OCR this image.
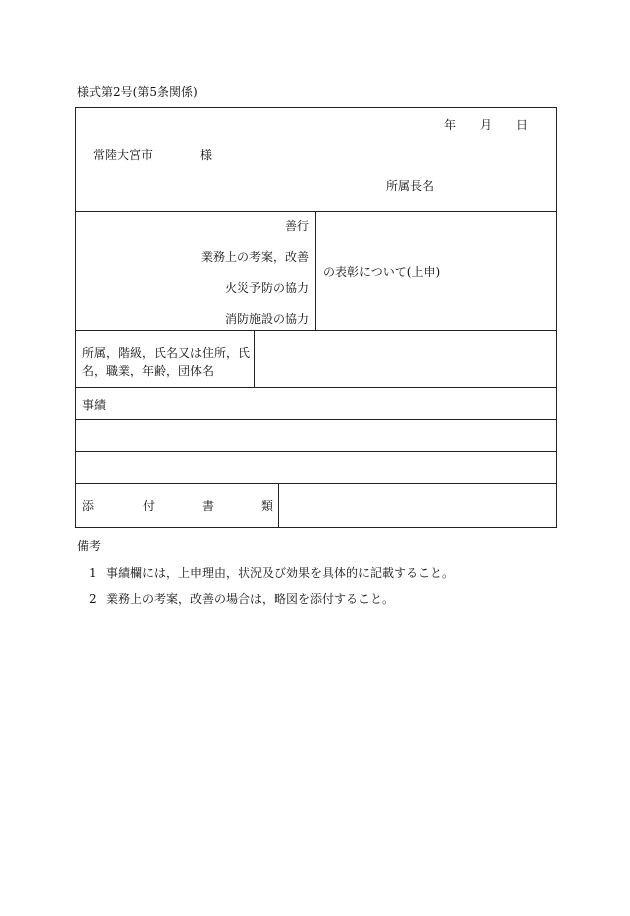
様式第2号(第5条関係)
年 月 日
常陸大宮市	様
所属長名
善行
業務上の考案，改善
火災予防の協力
消防施設の協力
の表彰について(上申)
所属，階級，氏名又は住所，氏名，職業，年齢，団体名
事績
添	付	書	類
備考
1 事績欄には，上申理由，状況及び効果を具体的に記載すること。
2 業務上の考案，改善の場合は，略図を添付すること。
